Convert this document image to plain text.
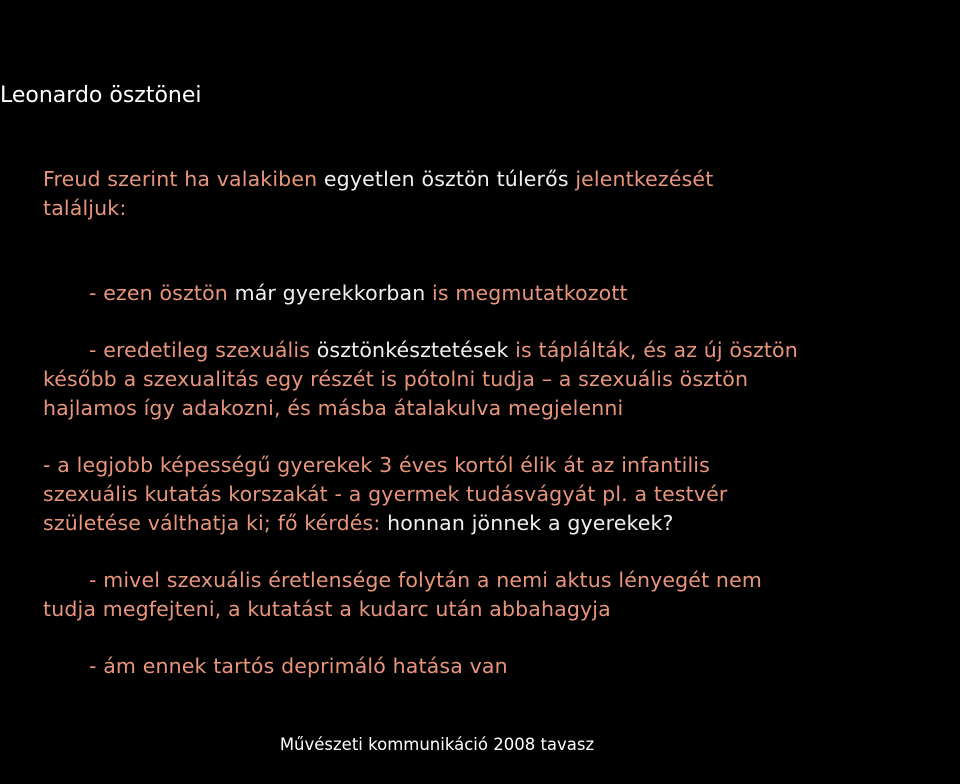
Leonardo ösztönei

Freud szerint ha valakiben egyetlen ösztön túlerős jelentkezését
találjuk:

- ezen ösztön már gyerekkorban is megmutatkozott

- eredetileg szexuális ösztönkésztetések is táplálták, és az új ösztön
később a szexualitás egy részét is pótolni tudja – a szexuális ösztön
hajlamos így adakozni, és másba átalakulva megjelenni

- a legjobb képességű gyerekek 3 éves kortól élik át az infantilis
szexuális kutatás korszakát - a gyermek tudásvágyát pl. a testvér
születése válthatja ki; fő kérdés: honnan jönnek a gyerekek?

- mivel szexuális éretlensége folytán a nemi aktus lényegét nem
tudja megfejteni, a kutatást a kudarc után abbahagyja

- ám ennek tartós deprimáló hatása van

Művészeti kommunikáció 2008 tavasz
